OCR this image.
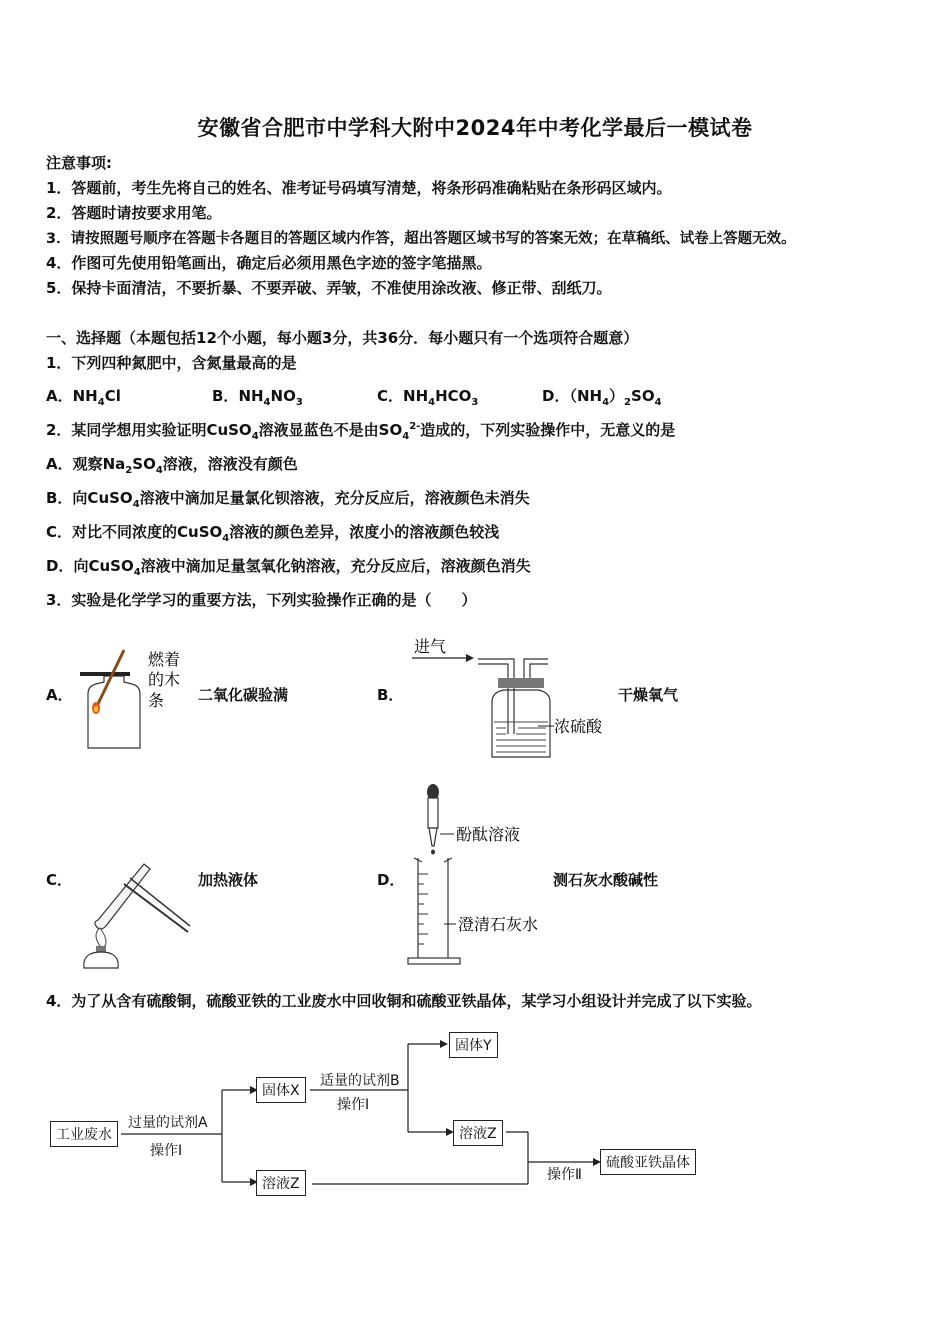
安徽省合肥市中学科大附中2024年中考化学最后一模试卷
注意事项:
1．答题前，考生先将自己的姓名、准考证号码填写清楚，将条形码准确粘贴在条形码区域内。
2．答题时请按要求用笔。
3．请按照题号顺序在答题卡各题目的答题区域内作答，超出答题区域书写的答案无效；在草稿纸、试卷上答题无效。
4．作图可先使用铅笔画出，确定后必须用黑色字迹的签字笔描黑。
5．保持卡面清洁，不要折暴、不要弄破、弄皱，不准使用涂改液、修正带、刮纸刀。
一、选择题（本题包括12个小题，每小题3分，共36分．每小题只有一个选项符合题意）
1．下列四种氮肥中，含氮量最高的是
A．$NH_4Cl$	B．$NH_4NO_3$	C．$NH_4HCO_3$	D．$(NH_4)_2SO_4$
2．某同学想用实验证明CuSO$_4$溶液显蓝色不是由$SO_4^{2-}$造成的，下列实验操作中，无意义的是
A．观察$Na_2SO_4$溶液，溶液没有颜色
B．向CuSO$_4$溶液中滴加足量氯化钡溶液，充分反应后，溶液颜色未消失
C．对比不同浓度的CuSO$_4$溶液的颜色差异，浓度小的溶液颜色较浅
D．向CuSO$_4$溶液中滴加足量氢氧化钠溶液，充分反应后，溶液颜色消失
3．实验是化学学习的重要方法，下列实验操作正确的是（　　）
A．
燃着
的木
条 二氧化碳验满	B．
进气
浓硫酸
干燥氧气
C．	加热液体	D．
酚酞溶液
澄清石灰水
测石灰水酸碱性
4．为了从含有硫酸铜，硫酸亚铁的工业废水中回收铜和硫酸亚铁晶体，某学习小组设计并完成了以下实验。
工业废水
过量的试剂A
操作Ⅰ
固体X
适量的试剂B
操作Ⅰ
固体Y
溶液Z
溶液Z
操作Ⅱ
硫酸亚铁晶体
